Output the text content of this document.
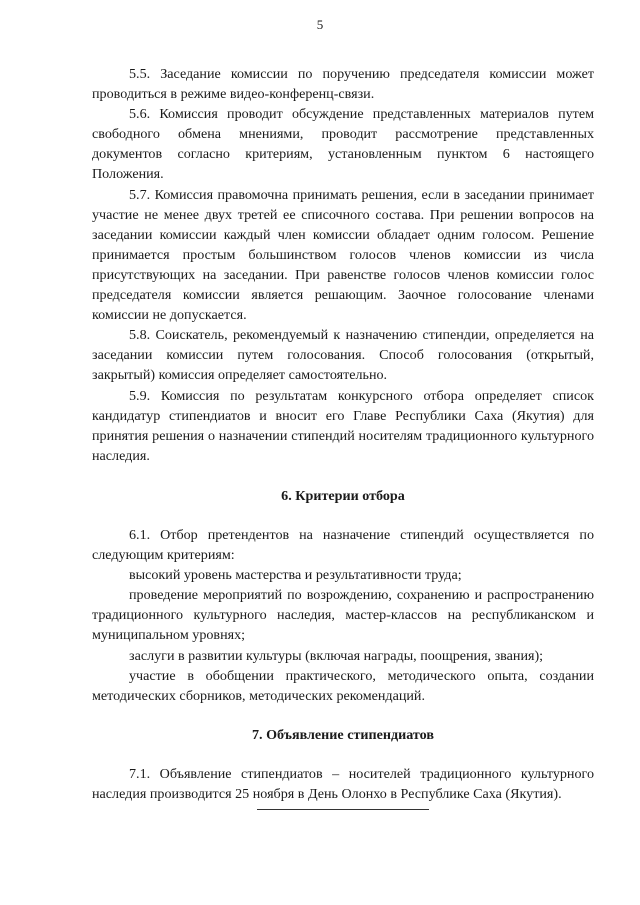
5

5.5. Заседание комиссии по поручению председателя комиссии может проводиться в режиме видео-конференц-связи.

5.6. Комиссия проводит обсуждение представленных материалов путем свободного обмена мнениями, проводит рассмотрение представленных документов согласно критериям, установленным пунктом 6 настоящего Положения.

5.7. Комиссия правомочна принимать решения, если в заседании принимает участие не менее двух третей ее списочного состава. При решении вопросов на заседании комиссии каждый член комиссии обладает одним голосом. Решение принимается простым большинством голосов членов комиссии из числа присутствующих на заседании. При равенстве голосов членов комиссии голос председателя комиссии является решающим. Заочное голосование членами комиссии не допускается.

5.8. Соискатель, рекомендуемый к назначению стипендии, определяется на заседании комиссии путем голосования. Способ голосования (открытый, закрытый) комиссия определяет самостоятельно.

5.9. Комиссия по результатам конкурсного отбора определяет список кандидатур стипендиатов и вносит его Главе Республики Саха (Якутия) для принятия решения о назначении стипендий носителям традиционного культурного наследия.

6. Критерии отбора

6.1. Отбор претендентов на назначение стипендий осуществляется по следующим критериям:

высокий уровень мастерства и результативности труда;

проведение мероприятий по возрождению, сохранению и распространению традиционного культурного наследия, мастер-классов на республиканском и муниципальном уровнях;

заслуги в развитии культуры (включая награды, поощрения, звания);

участие в обобщении практического, методического опыта, создании методических сборников, методических рекомендаций.

7. Объявление стипендиатов

7.1. Объявление стипендиатов – носителей традиционного культурного наследия производится 25 ноября в День Олонхо в Республике Саха (Якутия).
